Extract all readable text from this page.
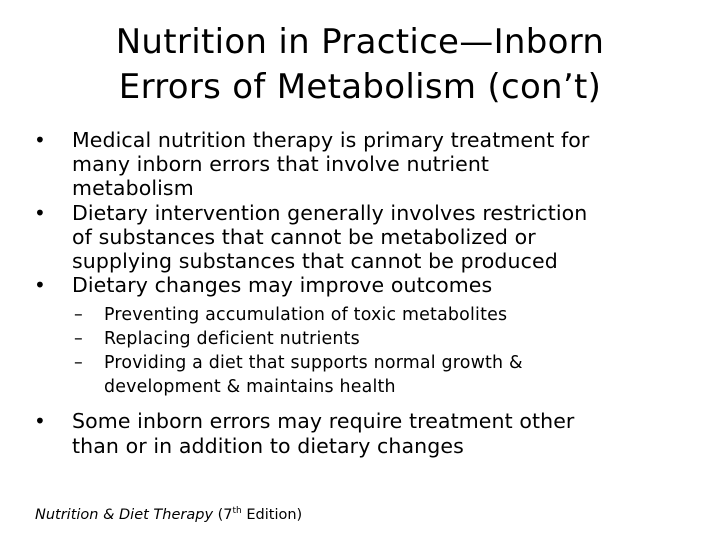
Nutrition in Practice—Inborn
Errors of Metabolism (con’t)
• Medical nutrition therapy is primary treatment for
many inborn errors that involve nutrient
metabolism
• Dietary intervention generally involves restriction
of substances that cannot be metabolized or
supplying substances that cannot be produced
• Dietary changes may improve outcomes
– Preventing accumulation of toxic metabolites
– Replacing deficient nutrients
– Providing a diet that supports normal growth &
development & maintains health
• Some inborn errors may require treatment other
than or in addition to dietary changes
Nutrition & Diet Therapy (7th Edition)
